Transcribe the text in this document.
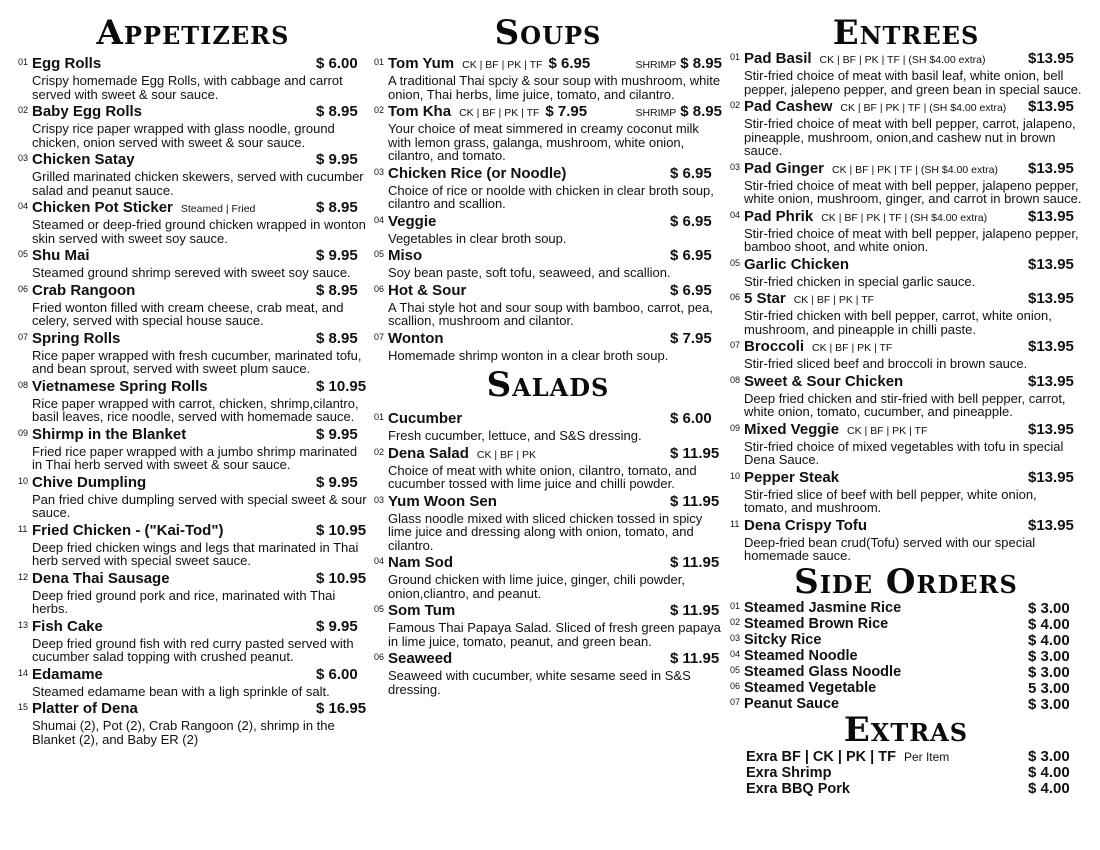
Appetizers
01 Egg Rolls	$ 6.00
Crispy homemade Egg Rolls, with cabbage and carrot served with sweet & sour sauce.
02 Baby Egg Rolls	$ 8.95
Crispy rice paper wrapped with glass noodle, ground chicken, onion served with sweet & sour sauce.
03 Chicken Satay	$ 9.95
Grilled marinated chicken skewers, served with cucumber salad and peanut sauce.
04 Chicken Pot Sticker Steamed | Fried	$ 8.95
Steamed or deep-fried ground chicken wrapped in wonton skin served with sweet soy sauce.
05 Shu Mai	$ 9.95
Steamed ground shrimp sereved with sweet soy sauce.
06 Crab Rangoon	$ 8.95
Fried wonton filled with cream cheese, crab meat, and celery, served with special house sauce.
07 Spring Rolls	$ 8.95
Rice paper wrapped with fresh cucumber, marinated tofu, and bean sprout, served with sweet plum sauce.
08 Vietnamese Spring Rolls	$ 10.95
Rice paper wrapped with carrot, chicken, shrimp,cilantro, basil leaves, rice noodle, served with homemade sauce.
09 Shirmp in the Blanket	$ 9.95
Fried rice paper wrapped with a jumbo shrimp marinated in Thai herb served with sweet & sour sauce.
10 Chive Dumpling	$ 9.95
Pan fried chive dumpling served with special sweet & sour sauce.
11 Fried Chicken - ("Kai-Tod")	$ 10.95
Deep fried chicken wings and legs that marinated in Thai herb served with special sweet sauce.
12 Dena Thai Sausage	$ 10.95
Deep fried ground pork and rice, marinated with Thai herbs.
13 Fish Cake	$ 9.95
Deep fried ground fish with red curry pasted served with cucumber salad topping with crushed peanut.
14 Edamame	$ 6.00
Steamed edamame bean with a ligh sprinkle of salt.
15 Platter of Dena	$ 16.95
Shumai (2), Pot (2), Crab Rangoon (2), shrimp in the Blanket (2), and Baby ER (2)
Soups
01 Tom Yum CK | BF | PK | TF $ 6.95	SHRIMP $ 8.95
A traditional Thai spciy & sour soup with mushroom, white onion, Thai herbs, lime juice, tomato, and cilantro.
02 Tom Kha CK | BF | PK | TF $ 7.95	SHRIMP $ 8.95
Your choice of meat simmered in creamy coconut milk with lemon grass, galanga, mushroom, white onion, cilantro, and tomato.
03 Chicken Rice (or Noodle)	$ 6.95
Choice of rice or noolde with chicken in clear broth soup, cilantro and scallion.
04 Veggie	$ 6.95
Vegetables in clear broth soup.
05 Miso	$ 6.95
Soy bean paste, soft tofu, seaweed, and scallion.
06 Hot & Sour	$ 6.95
A Thai style hot and sour soup with bamboo, carrot, pea, scallion, mushroom and cilantor.
07 Wonton	$ 7.95
Homemade shrimp wonton in a clear broth soup.
Salads
01 Cucumber	$ 6.00
Fresh cucumber, lettuce, and S&S dressing.
02 Dena Salad CK | BF | PK	$ 11.95
Choice of meat with white onion, cilantro, tomato, and cucumber tossed with lime juice and chilli powder.
03 Yum Woon Sen	$ 11.95
Glass noodle mixed with sliced chicken tossed in spicy lime juice and dressing along with onion, tomato, and cilantro.
04 Nam Sod	$ 11.95
Ground chicken with lime juice, ginger, chili powder, onion,cliantro, and peanut.
05 Som Tum	$ 11.95
Famous Thai Papaya Salad. Sliced of fresh green papaya in lime juice, tomato, peanut, and green bean.
06 Seaweed	$ 11.95
Seaweed with cucumber, white sesame seed in S&S dressing.
Entrees
01 Pad Basil CK | BF | PK | TF | (SH $4.00 extra)	$13.95
Stir-fried choice of meat with basil leaf, white onion, bell pepper, jalepeno pepper, and green bean in special sauce.
02 Pad Cashew CK | BF | PK | TF | (SH $4.00 extra) $13.95
Stir-fried choice of meat with bell pepper, carrot, jalapeno, pineapple, mushroom, onion,and cashew nut in brown sauce.
03 Pad Ginger CK | BF | PK | TF | (SH $4.00 extra) $13.95
Stir-fried choice of meat with bell pepper, jalapeno pepper, white onion, mushroom, ginger, and carrot in brown sauce.
04 Pad Phrik CK | BF | PK | TF | (SH $4.00 extra)	$13.95
Stir-fried choice of meat with bell pepper, jalapeno pepper, bamboo shoot, and white onion.
05 Garlic Chicken	$13.95
Stir-fried chicken in special garlic sauce.
06 5 Star CK | BF | PK | TF	$13.95
Stir-fried chicken with bell pepper, carrot, white onion, mushroom, and pineapple in chilli paste.
07 Broccoli CK | BF | PK | TF	$13.95
Stir-fried sliced beef and broccoli in brown sauce.
08 Sweet & Sour Chicken	$13.95
Deep fried chicken and stir-fried with bell pepper, carrot, white onion, tomato, cucumber, and pineapple.
09 Mixed Veggie CK | BF | PK | TF	$13.95
Stir-fried choice of mixed vegetables with tofu in special Dena Sauce.
10 Pepper Steak	$13.95
Stir-fried slice of beef with bell pepper, white onion, tomato, and mushroom.
11 Dena Crispy Tofu	$13.95
Deep-fried bean crud(Tofu) served with our special homemade sauce.
Side Orders
01 Steamed Jasmine Rice	$ 3.00
02 Steamed Brown Rice	$ 4.00
03 Sitcky Rice	$ 4.00
04 Steamed Noodle	$ 3.00
05 Steamed Glass Noodle	$ 3.00
06 Steamed Vegetable	5 3.00
07 Peanut Sauce	$ 3.00
Extras
Exra BF | CK | PK | TF Per Item	$ 3.00
Exra Shrimp	$ 4.00
Exra BBQ Pork	$ 4.00
